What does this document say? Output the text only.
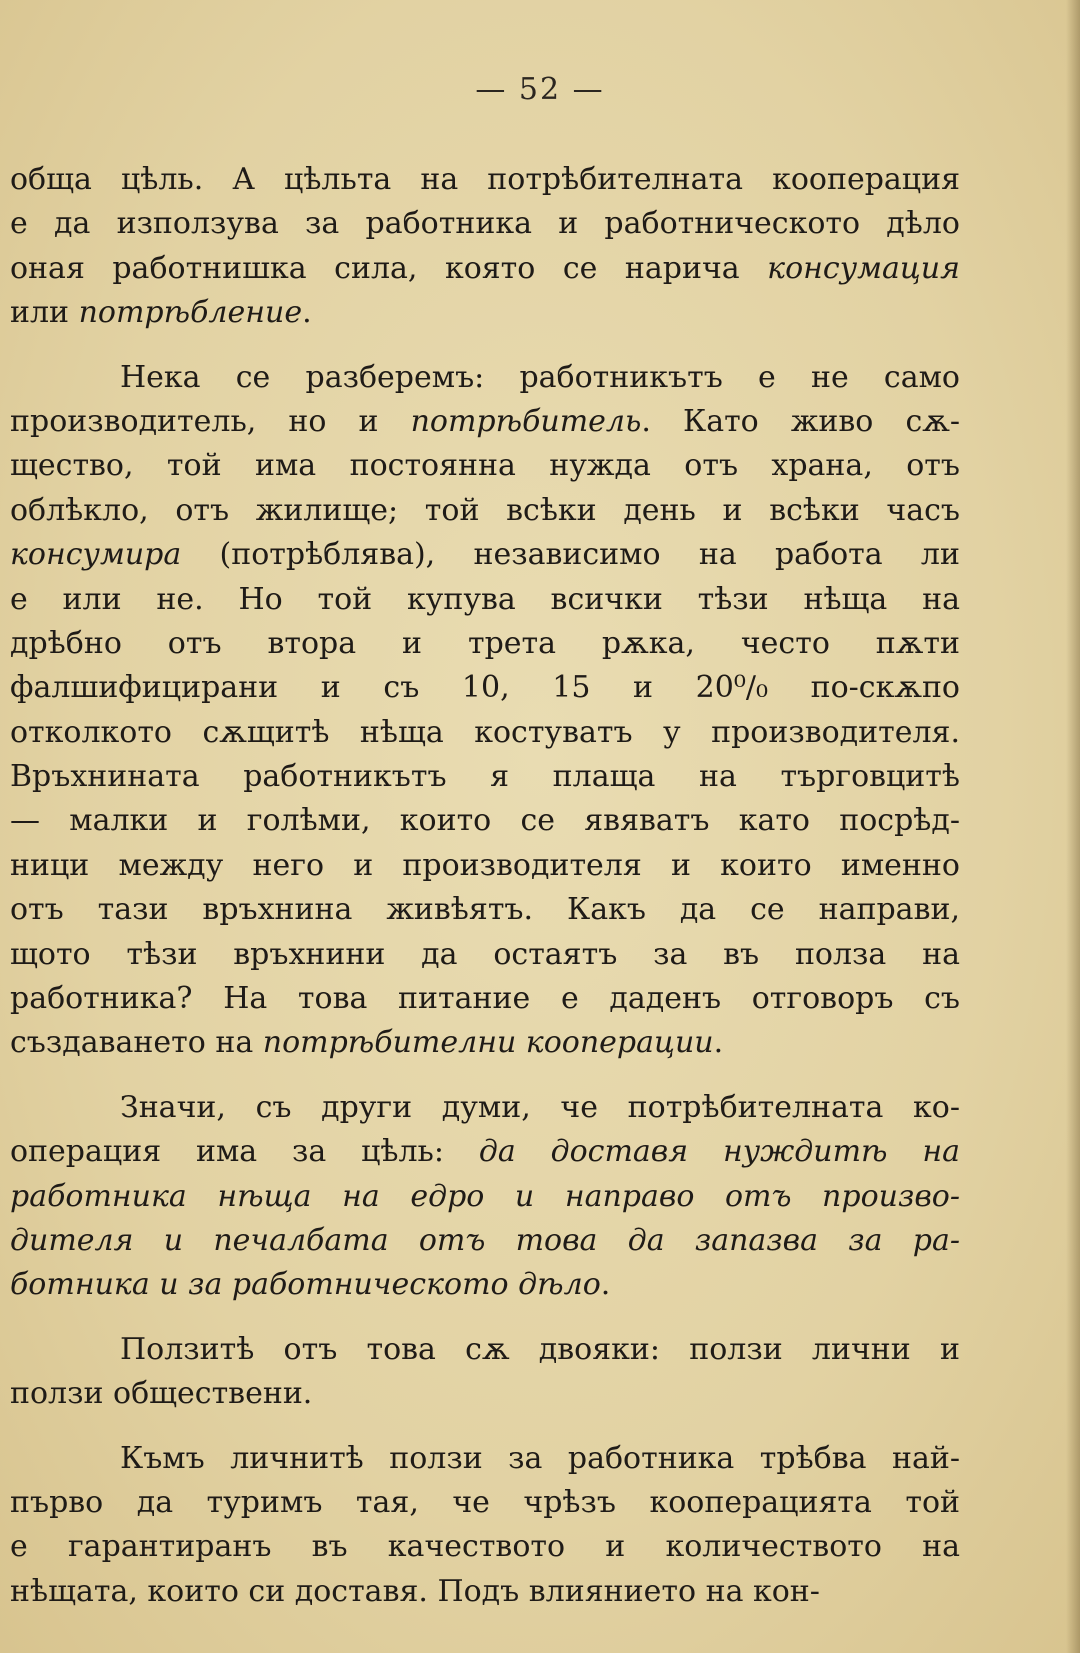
— 52 —
обща цѣль. А цѣльта на потрѣбителната кооперация
е да използува за работника и работническото дѣло
оная работнишка сила, която се нарича консумация
или потрѣбление.
Нека се разберемъ: работникътъ е не само
производитель, но и потрѣбитель. Като живо сѫ-
щество, той има постоянна нужда отъ храна, отъ
облѣкло, отъ жилище; той всѣки день и всѣки часъ
консумира (потрѣблява), независимо на работа ли
е или не. Но той купува всички тѣзи нѣща на
дрѣбно отъ втора и трета рѫка, често пѫти
фалшифицирани и съ 10, 15 и 20⁰/₀ по-скѫпо
отколкото сѫщитѣ нѣща костуватъ у производителя.
Връхнината работникътъ я плаща на търговцитѣ
— малки и голѣми, които се явяватъ като посрѣд-
ници между него и производителя и които именно
отъ тази връхнина живѣятъ. Какъ да се направи,
щото тѣзи връхнини да остаятъ за въ полза на
работника? На това питание е даденъ отговоръ съ
създаването на потрѣбителни кооперации.
Значи, съ други думи, че потрѣбителната ко-
операция има за цѣль: да доставя нуждитѣ на
работника нѣща на едро и направо отъ произво-
дителя и печалбата отъ това да запазва за ра-
ботника и за работническото дѣло.
Ползитѣ отъ това сѫ двояки: ползи лични и
ползи обществени.
Къмъ личнитѣ ползи за работника трѣбва най-
първо да туримъ тая, че чрѣзъ кооперацията той
е гарантиранъ въ качеството и количеството на
нѣщата, които си доставя. Подъ влиянието на кон-
